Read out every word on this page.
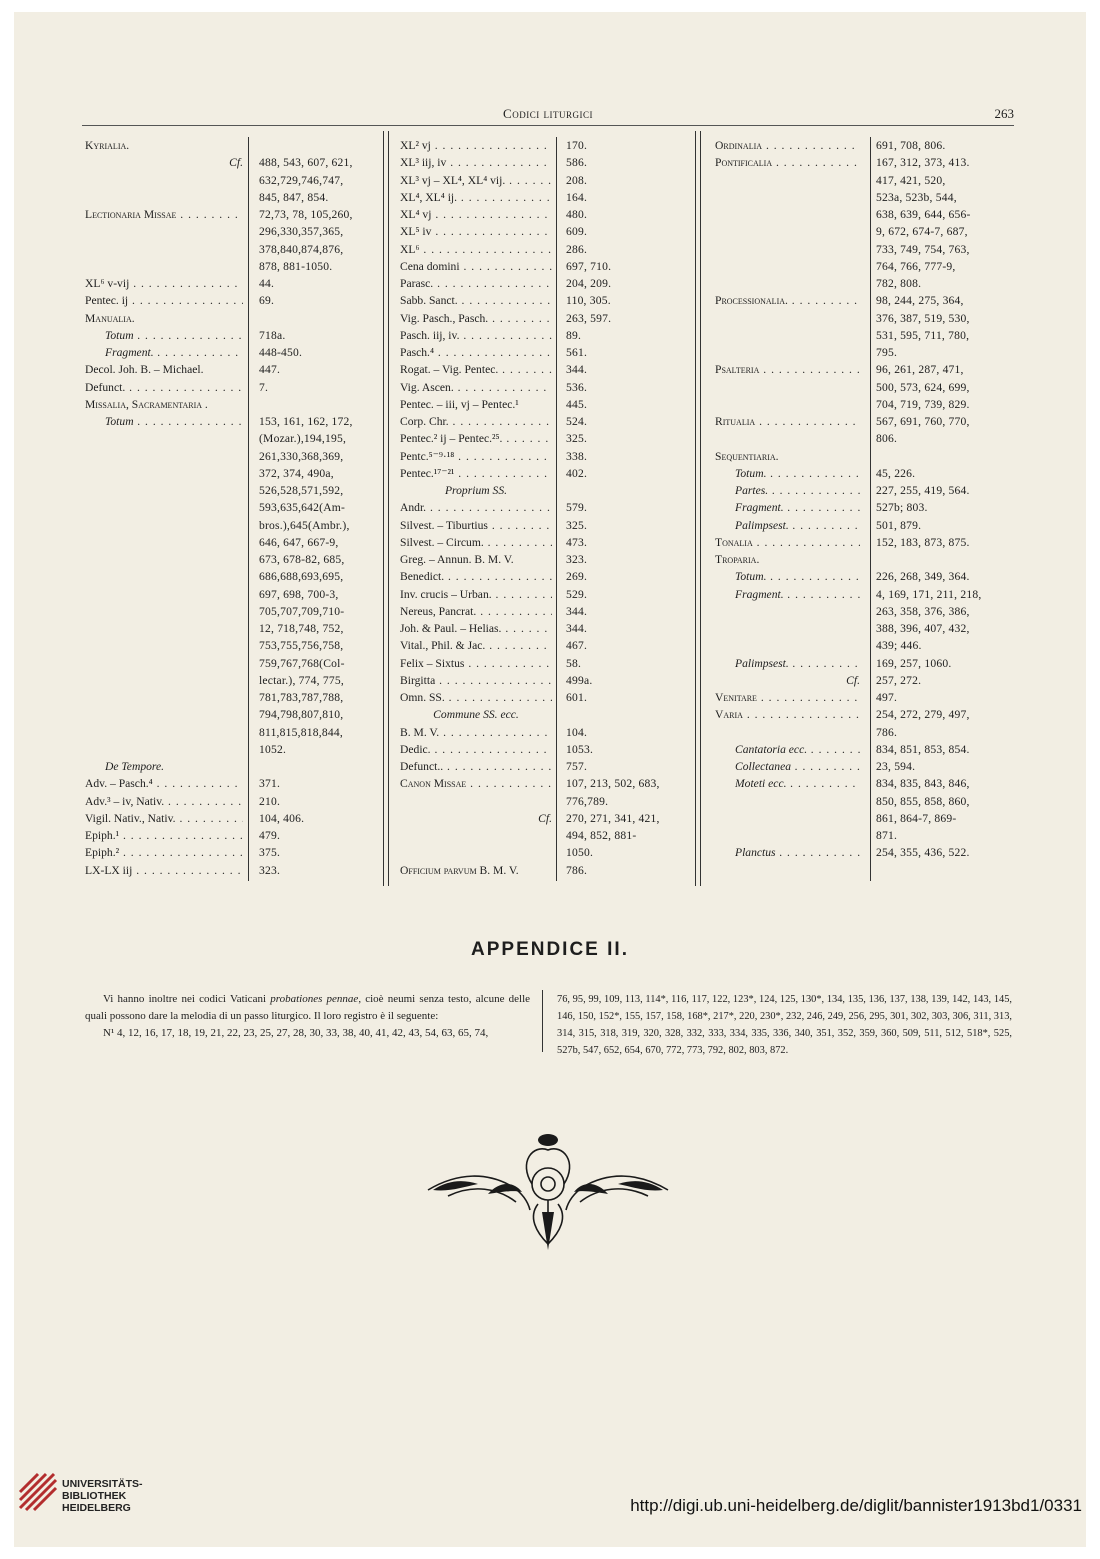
Codici liturgici	263
Kyrialia.
Cf. 488, 543, 607, 621,
632,729,746,747,
845, 847, 854.
Lectionaria Missae . . .	72,73, 78, 105,260,
296,330,357,365,
378,840,874,876,
878, 881-1050.
XL⁶ v-vij . . .	44.
Pentec. ij . . .	69.
Manualia.
Totum . . .	718a.
Fragment. . . .	448-450.
Decol. Joh. B. – Michael.	447.
Defunct. . . .	7.
Missalia, Sacramentaria .
Totum . . .	153, 161, 162, 172,
(Mozar.),194,195,
261,330,368,369,
372, 374, 490a,
526,528,571,592,
593,635,642(Am-
bros.),645(Ambr.),
646, 647, 667-9,
673, 678-82, 685,
686,688,693,695,
697, 698, 700-3,
705,707,709,710-
12, 718,748, 752,
753,755,756,758,
759,767,768(Col-
lectar.), 774, 775,
781,783,787,788,
794,798,807,810,
811,815,818,844,
1052.
De Tempore.
Adv. – Pasch.⁴ . . .	371.
Adv.³ – iv, Nativ. . . .	210.
Vigil. Nativ., Nativ. . . .	104, 406.
Epiph.¹ . . .	479.
Epiph.² . . .	375.
LX-LX iij . . .	323.
XL² vj . . .	170.
XL³ iij, iv . . .	586.
XL³ vj – XL⁴, XL⁴ vij. . . .	208.
XL⁴, XL⁴ ij. . . .	164.
XL⁴ vj . . .	480.
XL⁵ iv . . .	609.
XL⁶ . . .	286.
Cena domini . . .	697, 710.
Parasc. . . .	204, 209.
Sabb. Sanct. . . .	110, 305.
Vig. Pasch., Pasch. . . .	263, 597.
Pasch. iij, iv. . . .	89.
Pasch.⁴ . . .	561.
Rogat. – Vig. Pentec. . . .	344.
Vig. Ascen. . . .	536.
Pentec. – iii, vj – Pentec.¹	445.
Corp. Chr. . . .	524.
Pentec.² ij – Pentec.²⁵. . . .	325.
Pentc.⁵⁻⁹·¹⁸ . . .	338.
Pentec.¹⁷⁻²¹ . . .	402.
Proprium SS.
Andr. . . .	579.
Silvest. – Tiburtius . . .	325.
Silvest. – Circum. . . .	473.
Greg. – Annun. B. M. V.	323.
Benedict. . . .	269.
Inv. crucis – Urban. . . .	529.
Nereus, Pancrat. . . .	344.
Joh. & Paul. – Helias. . . .	344.
Vital., Phil. & Jac. . . .	467.
Felix – Sixtus . . .	58.
Birgitta . . .	499a.
Omn. SS. . . .	601.
Commune SS. ecc.
B. M. V. . . .	104.
Dedic. . . .	1053.
Defunct.. . . .	757.
Canon Missae . . .	107, 213, 502, 683,
776,789.
Cf. 270, 271, 341, 421,
494, 852, 881-
1050.
Officium parvum B. M. V.	786.
Ordinalia . . .	691, 708, 806.
Pontificalia . . .	167, 312, 373, 413.
417, 421, 520,
523a, 523b, 544,
638, 639, 644, 656-
9, 672, 674-7, 687,
733, 749, 754, 763,
764, 766, 777-9,
782, 808.
Processionalia. . . .	98, 244, 275, 364,
376, 387, 519, 530,
531, 595, 711, 780,
795.
Psalteria . . .	96, 261, 287, 471,
500, 573, 624, 699,
704, 719, 739, 829.
Ritualia . . .	567, 691, 760, 770,
806.
Sequentiaria.
Totum. . . .	45, 226.
Partes. . . .	227, 255, 419, 564.
Fragment. . . .	527b; 803.
Palimpsest. . . .	501, 879.
Tonalia . . .	152, 183, 873, 875.
Troparia.
Totum. . . .	226, 268, 349, 364.
Fragment. . . .	4, 169, 171, 211, 218,
263, 358, 376, 386,
388, 396, 407, 432,
439; 446.
Palimpsest. . . .	169, 257, 1060.
Cf. 257, 272.
Venitare . . .	497.
Varia . . .	254, 272, 279, 497,
786.
Cantatoria ecc. . . .	834, 851, 853, 854.
Collectanea . . .	23, 594.
Moteti ecc. . . .	834, 835, 843, 846,
850, 855, 858, 860,
861, 864-7, 869-
871.
Planctus . . .	254, 355, 436, 522.
APPENDICE II.
Vi hanno inoltre nei codici Vaticani probationes pennae, cioè neumi senza testo, alcune delle quali possono dare la melodia di un passo liturgico. Il loro registro è il seguente:
N¹ 4, 12, 16, 17, 18, 19, 21, 22, 23, 25, 27, 28, 30, 33, 38, 40, 41, 42, 43, 54, 63, 65, 74,
76, 95, 99, 109, 113, 114*, 116, 117, 122, 123*, 124, 125, 130*, 134, 135, 136, 137, 138, 139, 142, 143, 145, 146, 150, 152*, 155, 157, 158, 168*, 217*, 220, 230*, 232, 246, 249, 256, 295, 301, 302, 303, 306, 311, 313, 314, 315, 318, 319, 320, 328, 332, 333, 334, 335, 336, 340, 351, 352, 359, 360, 509, 511, 512, 518*, 525, 527b, 547, 652, 654, 670, 772, 773, 792, 802, 803, 872.
UNIVERSITÄTS-
BIBLIOTHEK
HEIDELBERG	http://digi.ub.uni-heidelberg.de/diglit/bannister1913bd1/0331
